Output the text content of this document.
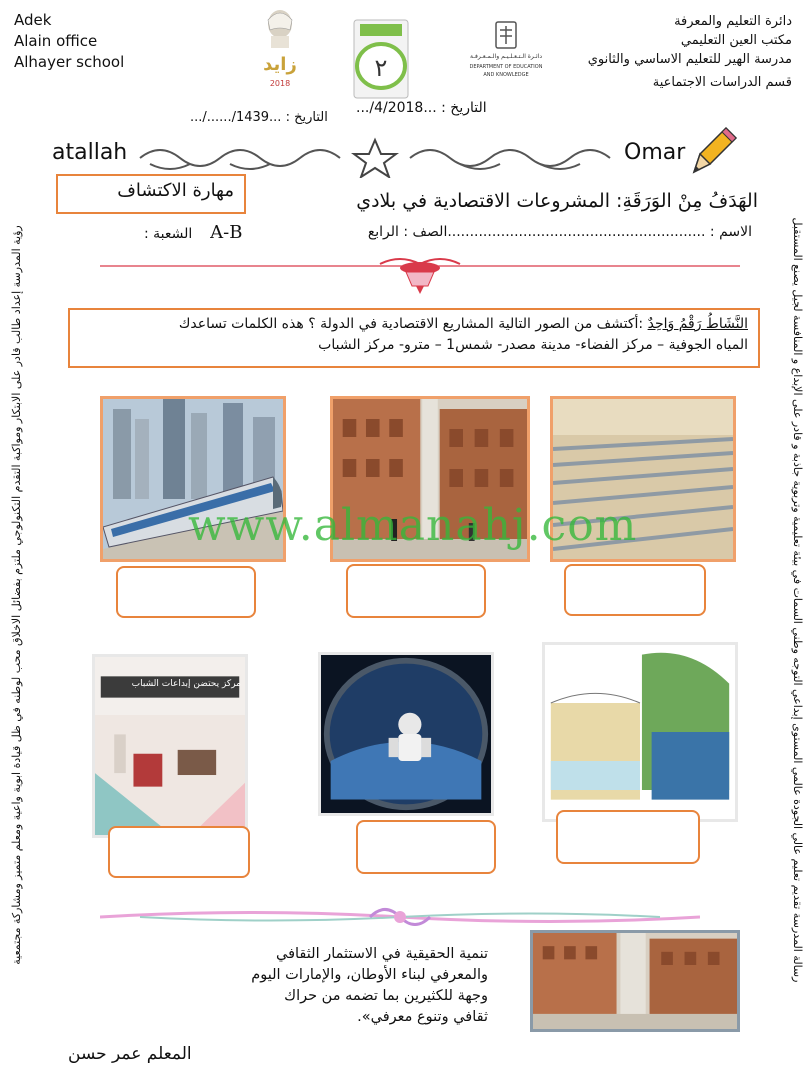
Adek
Alain office
Alhayer school
دائرة التعليم والمعرفة
مكتب العين التعليمي
مدرسة الهير للتعليم الاساسي والثانوي
قسم الدراسات الاجتماعية
زايد
2018
٢	دائـرة الـتـعـلـيـم والـمـعـرفـة
DEPARTMENT OF EDUCATION
AND KNOWLEDGE
التاريخ : ...1439/....../...
التاريخ : ...4/2018/...
رؤية المدرسة إعداد طالب قادر على الابتكار ومواكبة التقدم التكنولوجي ملتزم بفضائل الاخلاق محب لوطنه في ظل قيادة ابوية واعية ومعلم متميز ومشاركة مجتمعية	رسالة المدرسة تقديم تعليم عالي الجودة عالمي المستوى إبداعي التوجه وطني السمات في بيئة تعليمية وتربوية جاذبة و قادر على الإبداع و المنافسة لجيل يصنع المستقبل
atallah	Omar
مهارة الاكتشاف	الهَدَفُ مِنْ الوَرَقَةِ: المشروعات الاقتصادية في بلادي
الاسم : ..........................................................الصف : الرابع
A-B    الشعبة :
النَّشَاطُ رَقْمُ وَاحِدٌ :أكتشف من الصور التالية المشاريع الاقتصادية في الدولة ؟ هذه الكلمات تساعدك
المياه الجوفية – مركز الفضاء- مدينة مصدر- شمس1 – مترو- مركز الشباب
www.almanahj.com
مركز يحتضن إبداعات الشباب
تنمية الحقيقية في الاستثمار الثقافي والمعرفي لبناء الأوطان، والإمارات اليوم وجهة للكثيرين بما تضمه من حراك ثقافي وتنوع معرفي».
المعلم عمر حسن
